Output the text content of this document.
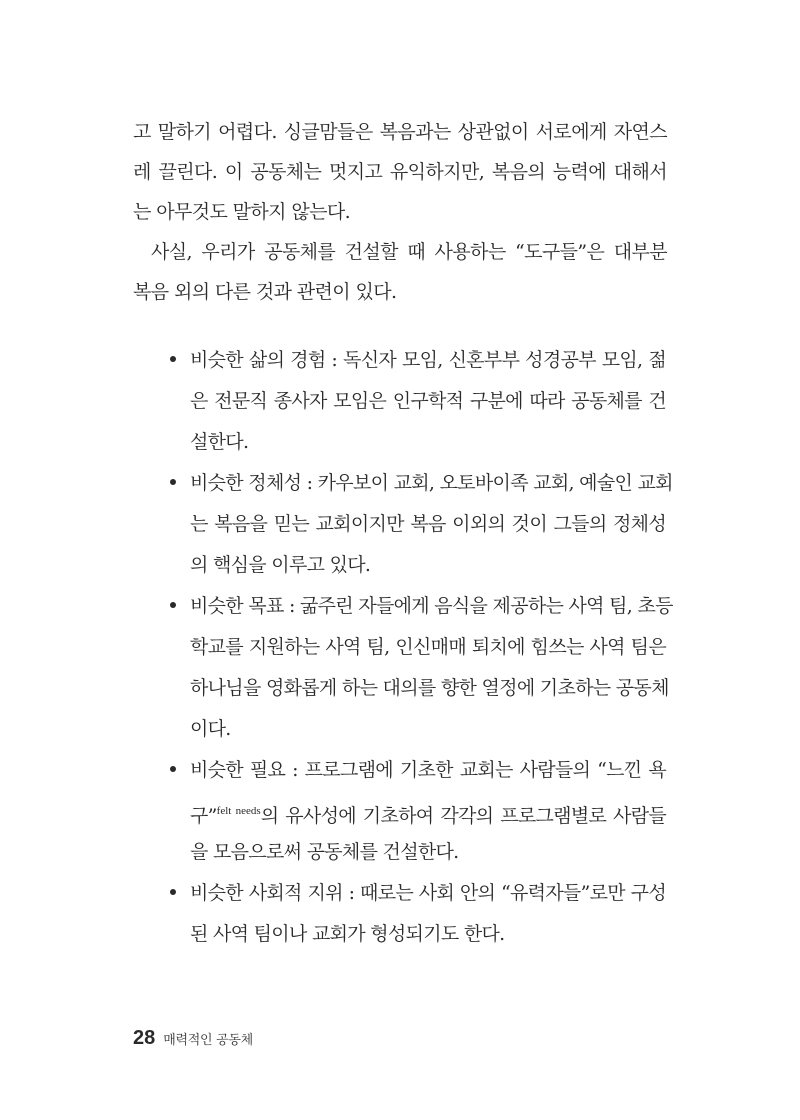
고 말하기 어렵다. 싱글맘들은 복음과는 상관없이 서로에게 자연스
레 끌린다. 이 공동체는 멋지고 유익하지만, 복음의 능력에 대해서
는 아무것도 말하지 않는다.
사실, 우리가 공동체를 건설할 때 사용하는 “도구들”은 대부분
복음 외의 다른 것과 관련이 있다.
비슷한 삶의 경험 : 독신자 모임, 신혼부부 성경공부 모임, 젊
은 전문직 종사자 모임은 인구학적 구분에 따라 공동체를 건
설한다.
비슷한 정체성 : 카우보이 교회, 오토바이족 교회, 예술인 교회
는 복음을 믿는 교회이지만 복음 이외의 것이 그들의 정체성
의 핵심을 이루고 있다.
비슷한 목표 : 굶주린 자들에게 음식을 제공하는 사역 팀, 초등
학교를 지원하는 사역 팀, 인신매매 퇴치에 힘쓰는 사역 팀은
하나님을 영화롭게 하는 대의를 향한 열정에 기초하는 공동체
이다.
비슷한 필요 : 프로그램에 기초한 교회는 사람들의 “느낀 욕
구”$^{felt needs}$의 유사성에 기초하여 각각의 프로그램별로 사람들
을 모음으로써 공동체를 건설한다.
비슷한 사회적 지위 : 때로는 사회 안의 “유력자들”로만 구성
된 사역 팀이나 교회가 형성되기도 한다.
28 매력적인 공동체
